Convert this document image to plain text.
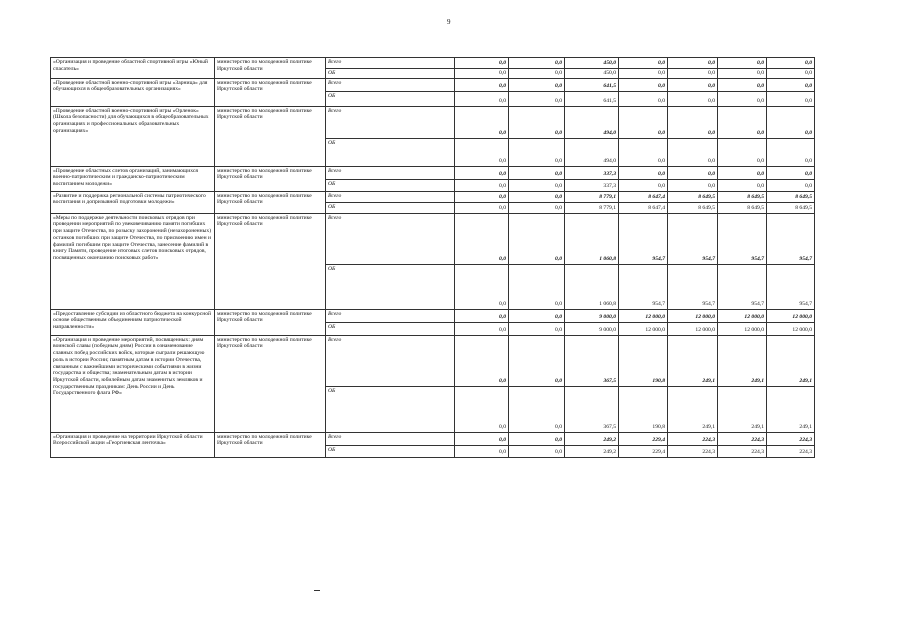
9
«Организация и проведение областной спортивной игры «Юный спасатель»	министерство по молодежной политике Иркутской области	Всего	0,0	0,0	450,0	0,0	0,0	0,0	0,0
		ОБ	0,0	0,0	450,0	0,0	0,0	0,0	0,0
«Проведение областной военно-спортивной игры «Зарница» для обучающихся в общеобразовательных организациях»	министерство по молодежной политике Иркутской области	Всего	0,0	0,0	641,5	0,0	0,0	0,0	0,0
		ОБ	0,0	0,0	641,5	0,0	0,0	0,0	0,0
«Проведение областной военно-спортивной игры «Орленок» (Школа безопасности) для обучающихся в общеобразовательных организациях и профессиональных образовательных организациях»	министерство по молодежной политике Иркутской области	Всего	0,0	0,0	494,0	0,0	0,0	0,0	0,0
		ОБ	0,0	0,0	494,0	0,0	0,0	0,0	0,0
«Проведение областных слетов организаций, занимающихся военно-патриотическим и гражданско-патриотическим воспитанием молодежи»	министерство по молодежной политике Иркутской области	Всего	0,0	0,0	337,3	0,0	0,0	0,0	0,0
		ОБ	0,0	0,0	337,3	0,0	0,0	0,0	0,0
«Развитие и поддержка региональной системы патриотического воспитания и допризывной подготовки молодежи»	министерство по молодежной политике Иркутской области	Всего	0,0	0,0	8 779,1	8 647,4	8 649,5	8 649,5	8 649,5
		ОБ	0,0	0,0	8 779,1	8 647,4	8 649,5	8 649,5	8 649,5
«Меры по поддержке деятельности поисковых отрядов при проведении мероприятий по увековечиванию памяти погибших при защите Отечества, по розыску захоронений (незахороненных) останков погибших при защите Отечества, по присвоению имен и фамилий погибшим при защите Отечества, занесение фамилий в книгу Памяти, проведение итоговых слетов поисковых отрядов, посвященных окончанию поисковых работ»	министерство по молодежной политике Иркутской области	Всего	0,0	0,0	1 060,8	954,7	954,7	954,7	954,7
		ОБ	0,0	0,0	1 060,8	954,7	954,7	954,7	954,7
«Предоставление субсидии из областного бюджета на конкурсной основе общественным объединениям патриотической направленности»	министерство по молодежной политике Иркутской области	Всего	0,0	0,0	9 000,0	12 000,0	12 000,0	12 000,0	12 000,0
		ОБ	0,0	0,0	9 000,0	12 000,0	12 000,0	12 000,0	12 000,0
«Организация и проведение мероприятий, посвященных: дням воинской славы (победным дням) России в ознаменование славных побед российских войск, которые сыграли решающую роль в истории России; памятным датам в истории Отечества, связанным с важнейшими историческими событиями в жизни государства и общества; знаменательным датам в истории Иркутской области, юбилейным датам знаменитых земляков и государственным праздникам: День России и День Государственного флага РФ»	министерство по молодежной политике Иркутской области	Всего	0,0	0,0	367,5	190,8	249,1	249,1	249,1
		ОБ	0,0	0,0	367,5	190,8	249,1	249,1	249,1
«Организация и проведение на территории Иркутской области Всероссийской акции «Георгиевская ленточка»	министерство по молодежной политике Иркутской области	Всего	0,0	0,0	249,2	229,4	224,3	224,3	224,3
		ОБ	0,0	0,0	249,2	229,4	224,3	224,3	224,3
